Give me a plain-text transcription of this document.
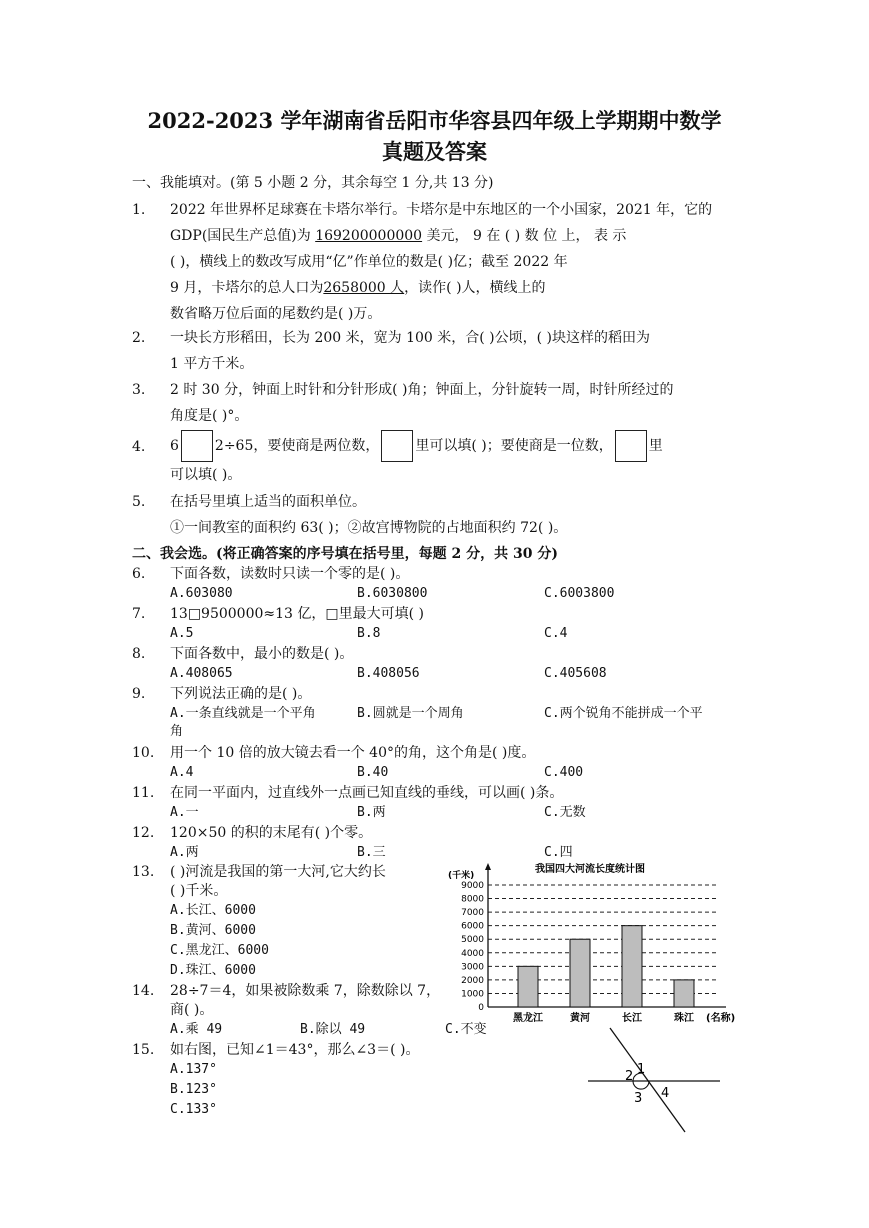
2022-2023 学年湖南省岳阳市华容县四年级上学期期中数学
真题及答案
一、我能填对。(第 5 小题 2 分，其余每空 1 分,共 13 分)
1. 2022 年世界杯足球赛在卡塔尔举行。卡塔尔是中东地区的一个小国家，2021 年，它的
GDP(国民生产总值)为 169200000000 美元， 9 在 ( ) 数 位 上， 表 示
( )，横线上的数改写成用“亿”作单位的数是( )亿；截至 2022 年
9 月，卡塔尔的总人口为2658000 人，读作( )人，横线上的
数省略万位后面的尾数约是( )万。
2. 一块长方形稻田，长为 200 米，宽为 100 米，合( )公顷，( )块这样的稻田为
1 平方千米。
3. 2 时 30 分，钟面上时针和分针形成( )角；钟面上，分针旋转一周，时针所经过的
角度是( )°。
4. 6	2÷65，要使商是两位数，	里可以填( )；要使商是一位数，	里
可以填( )。
5. 在括号里填上适当的面积单位。
①一间教室的面积约 63( )；②故宫博物院的占地面积约 72( )。
二、我会选。(将正确答案的序号填在括号里，每题 2 分，共 30 分)
6. 下面各数，读数时只读一个零的是( )。
A.603080	B.6030800	C.6003800
7. 13□9500000≈13 亿，□里最大可填( )
A.5	B.8	C.4
8. 下面各数中，最小的数是( )。
A.408065	B.408056	C.405608
9. 下列说法正确的是( )。
A.一条直线就是一个平角	B.圆就是一个周角	C.两个锐角不能拼成一个平
角
10. 用一个 10 倍的放大镜去看一个 40°的角，这个角是( )度。
A.4	B.40	C.400
11. 在同一平面内，过直线外一点画已知直线的垂线，可以画( )条。
A.一	B.两	C.无数
12. 120×50 的积的末尾有( )个零。
A.两	B.三	C.四
13. ( )河流是我国的第一大河,它大约长
( )千米。
A.长江、6000
B.黄河、6000
C.黑龙江、6000
D.珠江、6000
我国四大河流长度统计图
(千米)
0
1000
2000
3000
4000
5000
6000
7000
8000
9000
黑龙江	黄河	长江	珠江 (名称)
14. 28÷7＝4，如果被除数乘 7，除数除以 7，
商( )。
A.乘 49	B.除以 49	C.不变
15. 如右图，已知∠1＝43°，那么∠3＝( )。
A.137°
B.123°
C.133°
1
2
3 4
